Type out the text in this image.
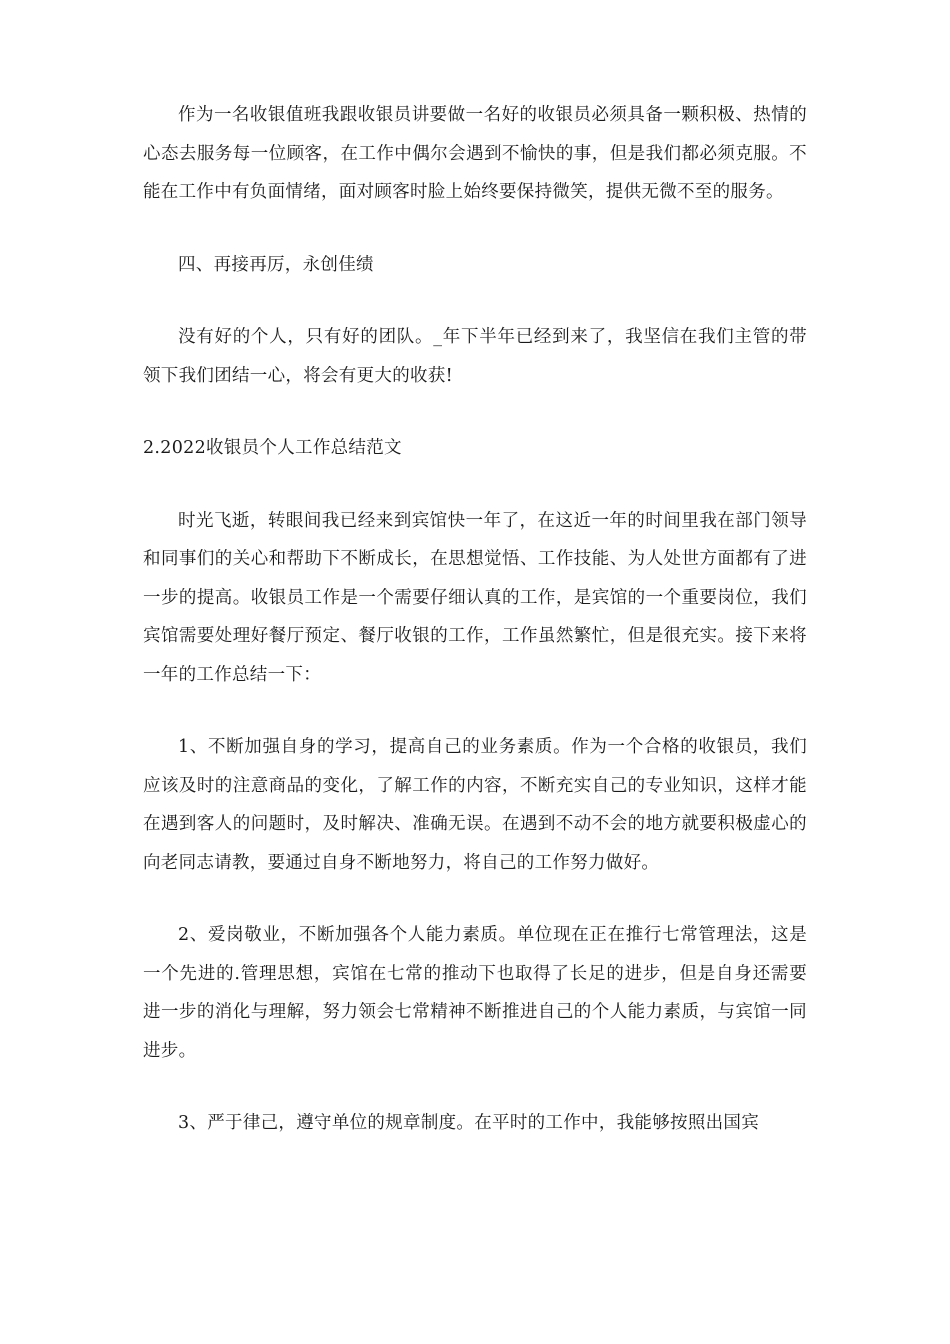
作为一名收银值班我跟收银员讲要做一名好的收银员必须具备一颗积极、热情的心态去服务每一位顾客，在工作中偶尔会遇到不愉快的事，但是我们都必须克服。不能在工作中有负面情绪，面对顾客时脸上始终要保持微笑，提供无微不至的服务。

四、再接再厉，永创佳绩

没有好的个人，只有好的团队。_年下半年已经到来了，我坚信在我们主管的带领下我们团结一心，将会有更大的收获!

2.2022收银员个人工作总结范文

时光飞逝，转眼间我已经来到宾馆快一年了，在这近一年的时间里我在部门领导和同事们的关心和帮助下不断成长，在思想觉悟、工作技能、为人处世方面都有了进一步的提高。收银员工作是一个需要仔细认真的工作，是宾馆的一个重要岗位，我们宾馆需要处理好餐厅预定、餐厅收银的工作，工作虽然繁忙，但是很充实。接下来将一年的工作总结一下：

1、不断加强自身的学习，提高自己的业务素质。作为一个合格的收银员，我们应该及时的注意商品的变化，了解工作的内容，不断充实自己的专业知识，这样才能在遇到客人的问题时，及时解决、准确无误。在遇到不动不会的地方就要积极虚心的向老同志请教，要通过自身不断地努力，将自己的工作努力做好。

2、爱岗敬业，不断加强各个人能力素质。单位现在正在推行七常管理法，这是一个先进的.管理思想，宾馆在七常的推动下也取得了长足的进步，但是自身还需要进一步的消化与理解，努力领会七常精神不断推进自己的个人能力素质，与宾馆一同进步。

3、严于律己，遵守单位的规章制度。在平时的工作中，我能够按照出国宾
